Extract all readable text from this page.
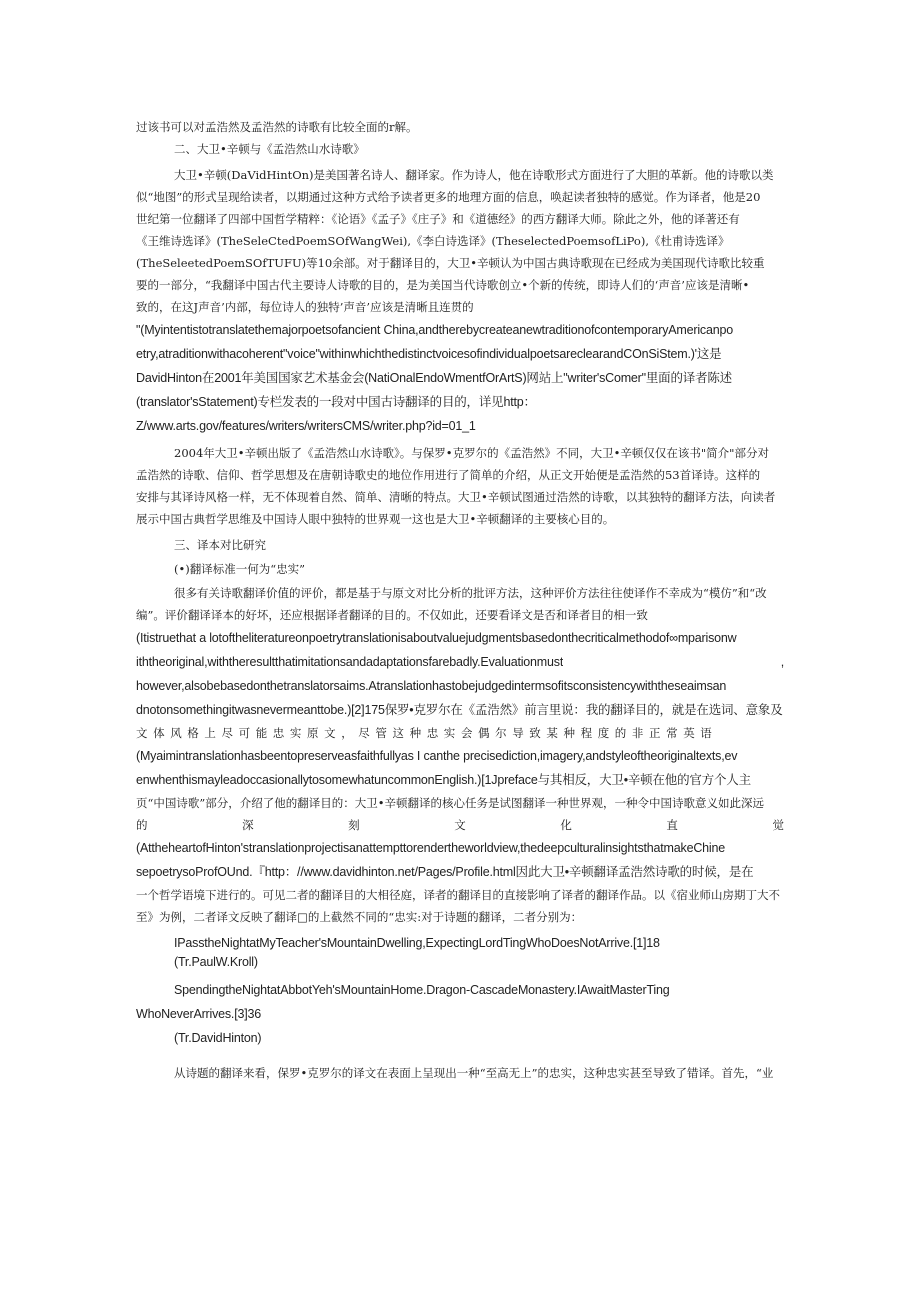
过该书可以对孟浩然及孟浩然的诗歌有比较全面的r解。
二、大卫•辛顿与《孟浩然山水诗歌》
大卫•辛顿(DaVidHintOn)是美国著名诗人、翻译家。作为诗人，他在诗歌形式方面进行了大胆的革新。他的诗歌以类
似“地图”的形式呈现给读者，以期通过这种方式给予读者更多的地理方面的信息，唤起读者独特的感觉。作为译者，他是20
世纪第一位翻译了四部中国哲学精粹：《论语》《孟子》《庄子》和《道德经》的西方翻译大师。除此之外，他的译著还有
《王维诗选译》(TheSeleCtedPoemSOfWangWei),《李白诗选译》(TheselectedPoemsofLiPo),《杜甫诗选译》
(TheSeleetedPoemSOfTUFU)等10余部。对于翻译目的，大卫•辛顿认为中国古典诗歌现在已经成为美国现代诗歌比较重
要的一部分，“我翻译中国古代主要诗人诗歌的目的，是为美国当代诗歌创立•个新的传统，即诗人们的‘声音’应该是清晰•
致的，在这J声音’内部，每位诗人的独特’声音’应该是清晰且连贯的
"(Myintentistotranslatethemajorpoetsofancient China,andtherebycreateanewtraditionofcontemporaryAmericanpo
etry,atraditionwithacoherent"voice"withinwhichthedistinctvoicesofindividualpoetsareclearandCOnSiStem.)'这是
DavidHinton在2001年美国国家艺术基金会(NatiOnalEndoWmentfOrArtS)网站上"writer'sComer"里面的译者陈述
(translator'sStatement)专栏发表的一段对中国古诗翻译的目的，详见http：
Z/www.arts.gov/features/writers/writersCMS/writer.php?id=01_1
2004年大卫•辛顿出版了《孟浩然山水诗歌》。与保罗•克罗尔的《孟浩然》不同，大卫•辛顿仅仅在该书"简介"部分对
孟浩然的诗歌、信仰、哲学思想及在唐朝诗歌史的地位作用进行了简单的介绍，从正文开始便是孟浩然的53首译诗。这样的
安排与其译诗风格一样，无不体现着自然、简单、清晰的特点。大卫•辛顿试图通过浩然的诗歌，以其独特的翻译方法，向读者
展示中国古典哲学思维及中国诗人眼中独特的世界观一这也是大卫•辛顿翻译的主要核心目的。
三、译本对比研究
(•)翻译标准一何为“忠实”
很多有关诗歌翻译价值的评价，都是基于与原文对比分析的批评方法，这种评价方法往往使译作不幸成为“模仿”和“改
编”。评价翻译译本的好坏，还应根据译者翻译的目的。不仅如此，还要看译文是否和译者目的相一致
(Itistruethat a lotoftheliteratureonpoetrytranslationisaboutvaluejudgmentsbasedonthecriticalmethodof∞mparisonw
iththeoriginal,withtheresultthatimitationsandadaptationsfarebadly.Evaluationmust	,
however,alsobebasedonthetranslatorsaims.Atranslationhastobejudgedintermsofitsconsistencywiththeseaimsan
dnotonsomethingitwasnevermeanttobe.)[2]175保罗•克罗尔在《孟浩然》前言里说：我的翻译目的，就是在选词、意象及
文体风格上尽可能忠实原文，尽管这种忠实会偶尔导致某种程度的非正常英语
(Myaimintranslationhasbeentopreserveasfaithfullyas I canthe precisediction,imagery,andstyleoftheoriginaltexts,ev
enwhenthismayleadoccasionallytosomewhatuncommonEnglish.)[1Jpreface与其相反，大卫•辛顿在他的官方个人主
页“中国诗歌”部分，介绍了他的翻译目的：大卫•辛顿翻译的核心任务是试图翻译一种世界观，一种令中国诗歌意义如此深远
的	深	刻	文	化	直	觉
(AttheheartofHinton'stranslationprojectisanattempttorendertheworldview,thedeepculturalinsightsthatmakeChine
sepoetrysoProfOUnd.『http：//www.davidhinton.net/Pages/Profile.html因此大卫•辛顿翻译孟浩然诗歌的时候，是在
一个哲学语境下进行的。可见二者的翻译目的大相径庭，译者的翻译目的直接影响了译者的翻译作品。以《宿业师山房期丁大不
至》为例，二者译文反映了翻译□的上截然不同的“忠实:对于诗题的翻译，二者分别为：
IPasstheNightatMyTeacher'sMountainDwelling,ExpectingLordTingWhoDoesNotArrive.[1]18
(Tr.PaulW.Kroll)
SpendingtheNightatAbbotYeh'sMountainHome.Dragon-CascadeMonastery.IAwaitMasterTing
WhoNeverArrives.[3]36
(Tr.DavidHinton)
从诗题的翻译来看，保罗•克罗尔的译文在表面上呈现出一种“至高无上”的忠实，这种忠实甚至导致了错译。首先，“业
